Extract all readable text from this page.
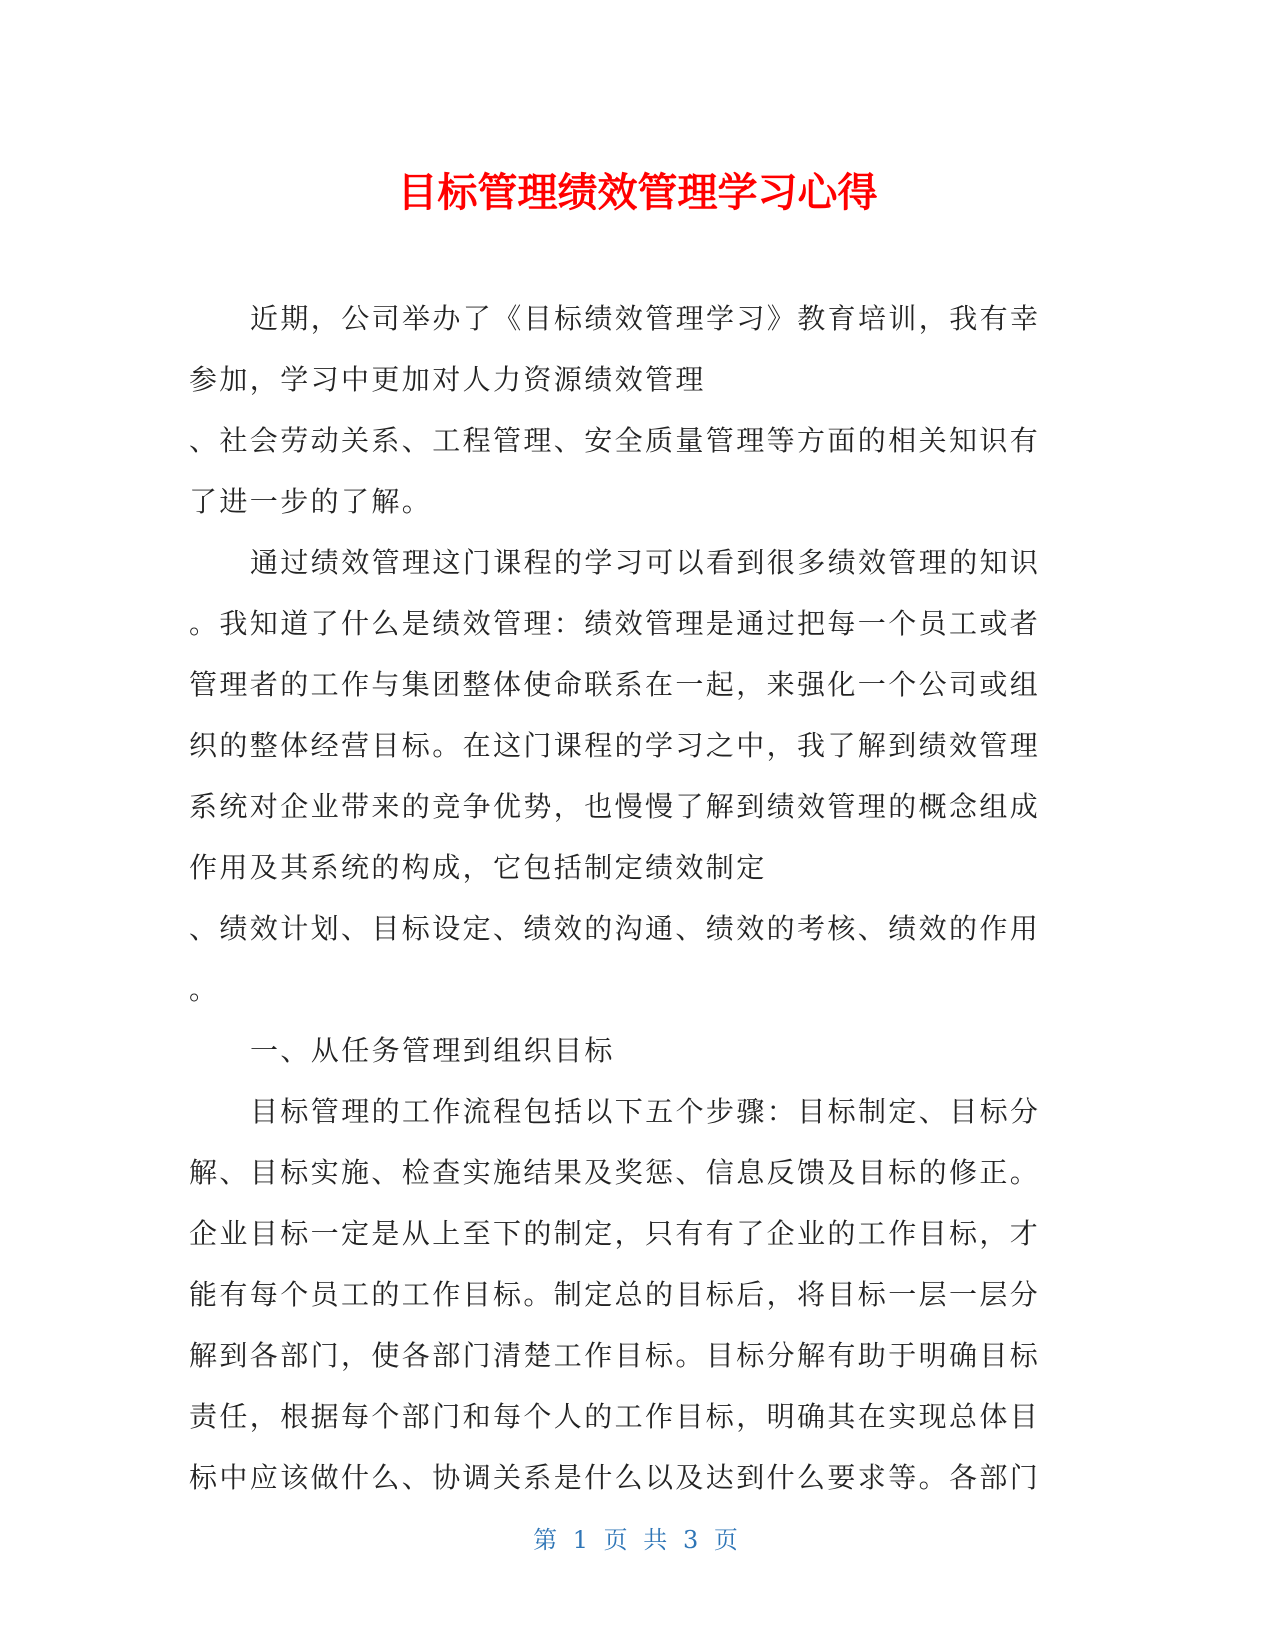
目标管理绩效管理学习心得
近期，公司举办了《目标绩效管理学习》教育培训，我有幸
参加，学习中更加对人力资源绩效管理
、社会劳动关系、工程管理、安全质量管理等方面的相关知识有
了进一步的了解。
通过绩效管理这门课程的学习可以看到很多绩效管理的知识
。我知道了什么是绩效管理：绩效管理是通过把每一个员工或者
管理者的工作与集团整体使命联系在一起，来强化一个公司或组
织的整体经营目标。在这门课程的学习之中，我了解到绩效管理
系统对企业带来的竞争优势，也慢慢了解到绩效管理的概念组成
作用及其系统的构成，它包括制定绩效制定
、绩效计划、目标设定、绩效的沟通、绩效的考核、绩效的作用
。
一、从任务管理到组织目标
目标管理的工作流程包括以下五个步骤：目标制定、目标分
解、目标实施、检查实施结果及奖惩、信息反馈及目标的修正。
企业目标一定是从上至下的制定，只有有了企业的工作目标，才
能有每个员工的工作目标。制定总的目标后，将目标一层一层分
解到各部门，使各部门清楚工作目标。目标分解有助于明确目标
责任，根据每个部门和每个人的工作目标，明确其在实现总体目
标中应该做什么、协调关系是什么以及达到什么要求等。各部门
第 1 页 共 3 页
